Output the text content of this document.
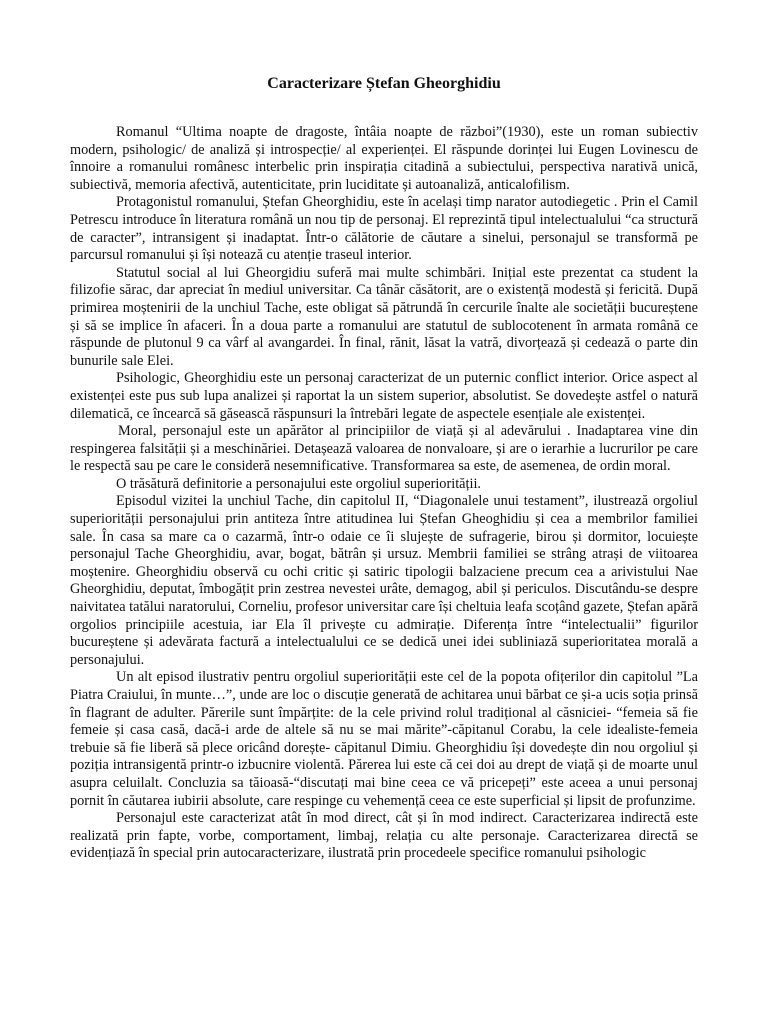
Caracterizare Ștefan Gheorghidiu

Romanul “Ultima noapte de dragoste, întâia noapte de război”(1930), este un roman subiectiv modern, psihologic/ de analiză și introspecție/ al experienței. El răspunde dorinței lui Eugen Lovinescu de înnoire a romanului românesc interbelic prin inspirația citadină a subiectului, perspectiva narativă unică, subiectivă, memoria afectivă, autenticitate, prin luciditate și autoanaliză, anticalofilism.

Protagonistul romanului, Ștefan Gheorghidiu, este în același timp narator autodiegetic . Prin el Camil Petrescu introduce în literatura română un nou tip de personaj. El reprezintă tipul intelectualului “ca structură de caracter”, intransigent și inadaptat. Într-o călătorie de căutare a sinelui, personajul se transformă pe parcursul romanului și își notează cu atenție traseul interior.

Statutul social al lui Gheorgidiu suferă mai multe schimbări. Inițial este prezentat ca student la filizofie sărac, dar apreciat în mediul universitar. Ca tânăr căsătorit, are o existență modestă și fericită. După primirea moștenirii de la unchiul Tache, este obligat să pătrundă în cercurile înalte ale societății bucureștene și să se implice în afaceri. În a doua parte a romanului are statutul de sublocotenent în armata română ce răspunde de plutonul 9 ca vârf al avangardei. În final, rănit, lăsat la vatră, divorțează și cedează o parte din bunurile sale Elei.

Psihologic, Gheorghidiu este un personaj caracterizat de un puternic conflict interior. Orice aspect al existenței este pus sub lupa analizei și raportat la un sistem superior, absolutist. Se dovedește astfel o natură dilematică, ce încearcă să găsească răspunsuri la întrebări legate de aspectele esențiale ale existenței.

Moral, personajul este un apărător al principiilor de viață și al adevărului . Inadaptarea vine din respingerea falsității și a meschinăriei. Detașează valoarea de nonvaloare, și are o ierarhie a lucrurilor pe care le respectă sau pe care le consideră nesemnificative. Transformarea sa este, de asemenea, de ordin moral.

O trăsătură definitorie a personajului este orgoliul superiorității.

Episodul vizitei la unchiul Tache, din capitolul II, “Diagonalele unui testament”, ilustrează orgoliul superiorității personajului prin antiteza între atitudinea lui Ștefan Gheoghidiu și cea a membrilor familiei sale. În casa sa mare ca o cazarmă, într-o odaie ce îi slujește de sufragerie, birou și dormitor, locuiește personajul Tache Gheorghidiu, avar, bogat, bătrân și ursuz. Membrii familiei se strâng atrași de viitoarea moștenire. Gheorghidiu observă cu ochi critic și satiric tipologii balzaciene precum cea a arivistului Nae Gheorghidiu, deputat, îmbogățit prin zestrea nevestei urâte, demagog, abil și periculos. Discutându-se despre naivitatea tatălui naratorului, Corneliu, profesor universitar care își cheltuia leafa scoțând gazete, Ștefan apără orgolios principiile acestuia, iar Ela îl privește cu admirație. Diferența între “intelectualii” figurilor bucureștene și adevărata factură a intelectualului ce se dedică unei idei subliniază superioritatea morală a personajului.

Un alt episod ilustrativ pentru orgoliul superiorității este cel de la popota ofițerilor din capitolul ”La Piatra Craiului, în munte…”, unde are loc o discuție generată de achitarea unui bărbat ce și-a ucis soția prinsă în flagrant de adulter. Părerile sunt împărțite: de la cele privind rolul tradițional al căsniciei- “femeia să fie femeie și casa casă, dacă-i arde de altele să nu se mai mărite”-căpitanul Corabu, la cele idealiste-femeia trebuie să fie liberă să plece oricând dorește- căpitanul Dimiu. Gheorghidiu își dovedește din nou orgoliul și poziția intransigentă printr-o izbucnire violentă. Părerea lui este că cei doi au drept de viață și de moarte unul asupra celuilalt. Concluzia sa tăioasă-“discutați mai bine ceea ce vă pricepeți” este aceea a unui personaj pornit în căutarea iubirii absolute, care respinge cu vehemență ceea ce este superficial și lipsit de profunzime.

Personajul este caracterizat atât în mod direct, cât și în mod indirect. Caracterizarea indirectă este realizată prin fapte, vorbe, comportament, limbaj, relația cu alte personaje. Caracterizarea directă se evidențiază în special prin autocaracterizare, ilustrată prin procedeele specifice romanului psihologic
